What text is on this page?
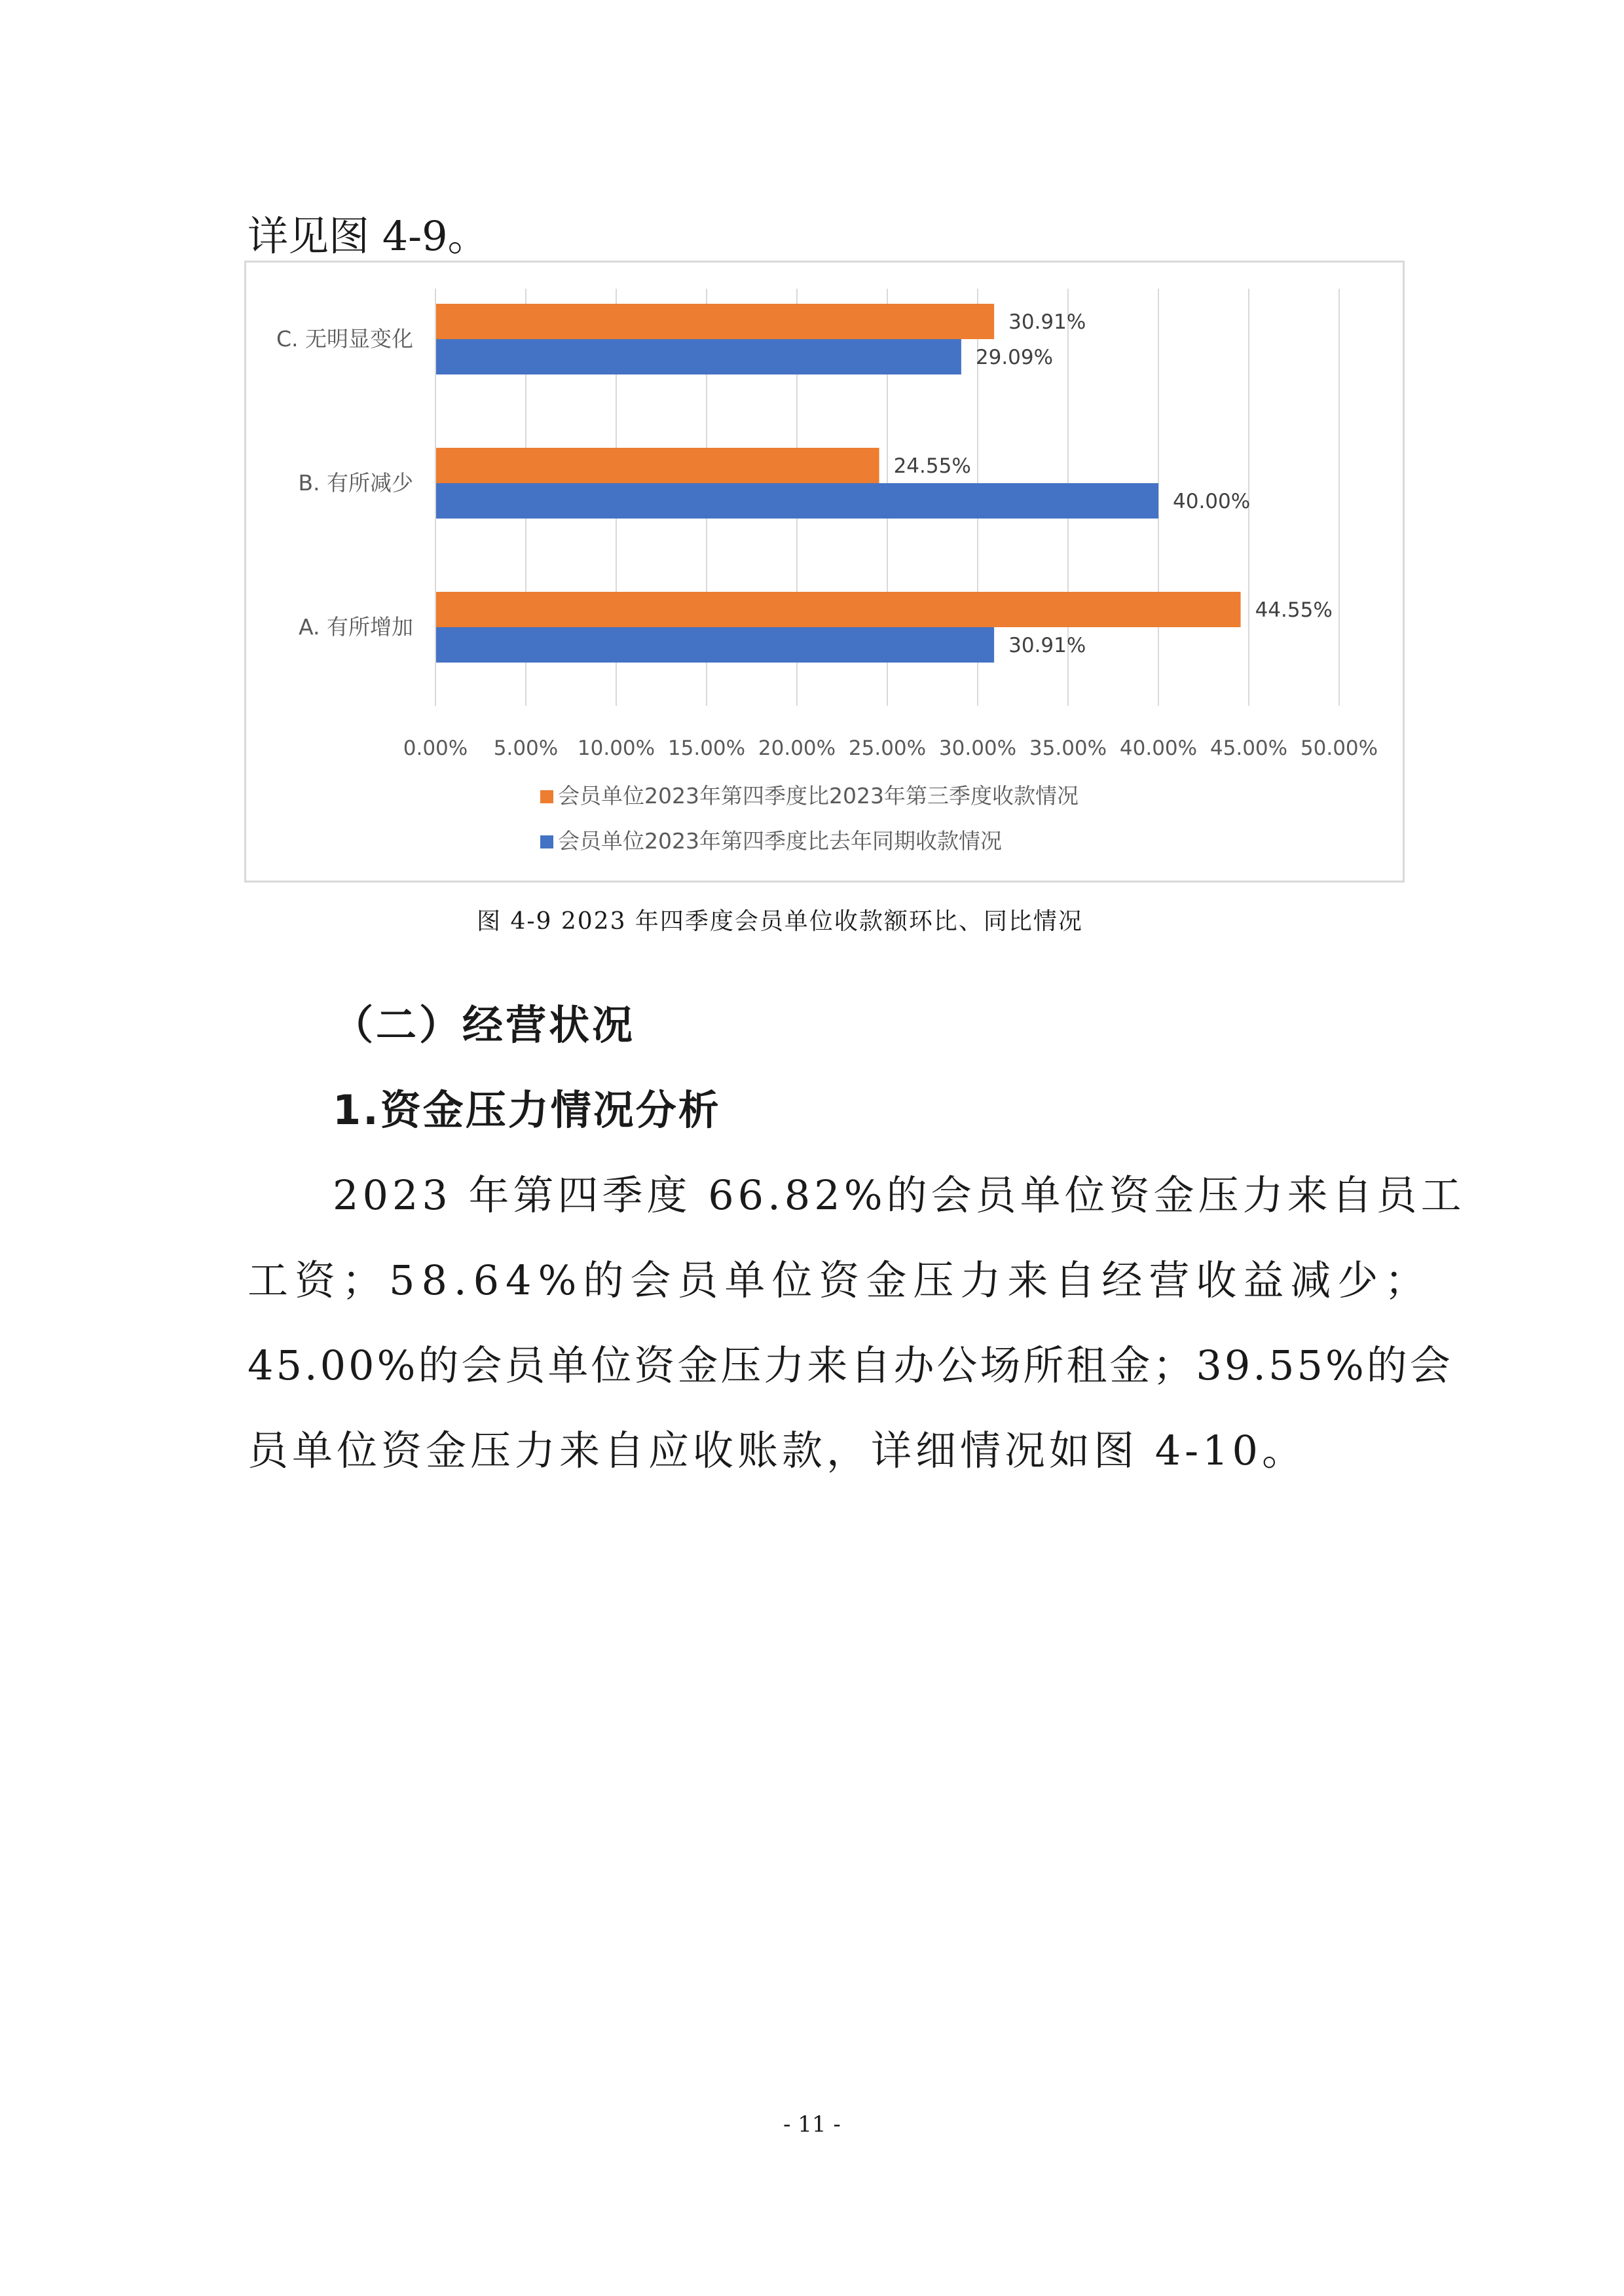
详见图 4-9。
0.00% 5.00% 10.00% 15.00% 20.00% 25.00% 30.00% 35.00% 40.00% 45.00% 50.00%
A. 有所增加
44.55%
30.91%
B. 有所减少
24.55%
40.00%
C. 无明显变化
30.91%
29.09%
会员单位2023年第四季度比2023年第三季度收款情况
会员单位2023年第四季度比去年同期收款情况
图 4-9 2023 年四季度会员单位收款额环比、同比情况
（二）经营状况
1.资金压力情况分析
2023 年第四季度 66.82%的会员单位资金压力来自员工
工资；58.64%的会员单位资金压力来自经营收益减少；
45.00%的会员单位资金压力来自办公场所租金；39.55%的会
员单位资金压力来自应收账款，详细情况如图 4-10。
- 11 -
